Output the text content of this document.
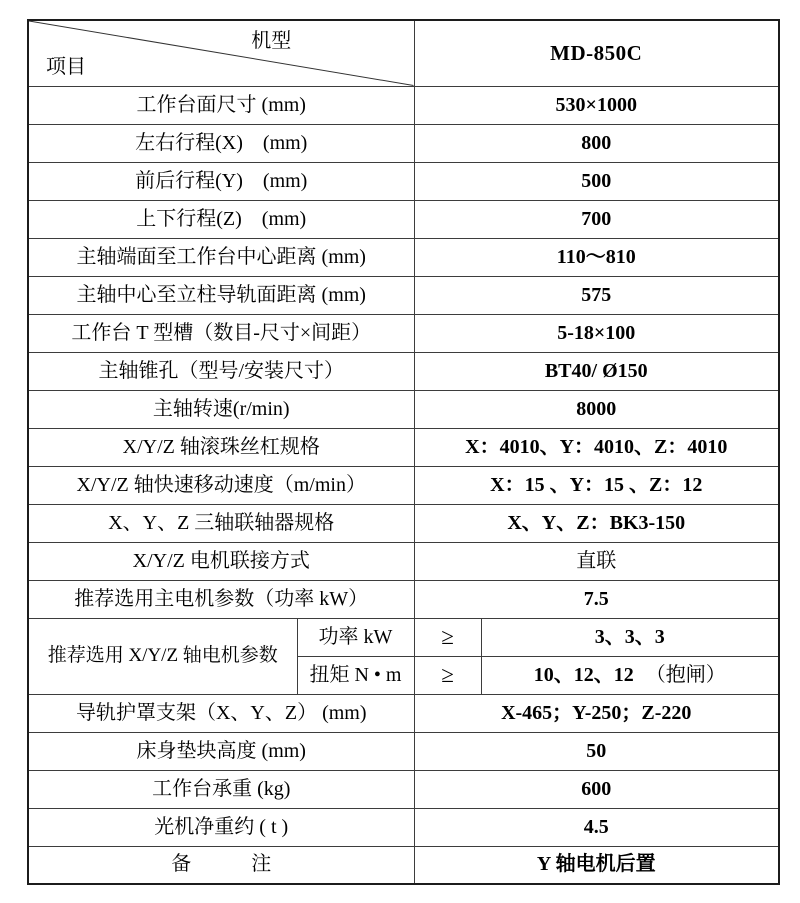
机型
项目		MD-850C	
工作台面尺寸 (mm)		530×1000	
左右行程(X)　(mm)		800	
前后行程(Y)　(mm)		500	
上下行程(Z)　(mm)		700	
主轴端面至工作台中心距离 (mm)		110～810	
主轴中心至立柱导轨面距离 (mm)		575	
工作台 T 型槽（数目-尺寸×间距）		5-18×100	
主轴锥孔（型号/安装尺寸）		BT40/ Ø150	
主轴转速(r/min)		8000	
X/Y/Z 轴滚珠丝杠规格		X：4010、Y：4010、Z：4010	
X/Y/Z 轴快速移动速度（m/min）		X：15 、Y：15 、Z：12	
X、Y、Z 三轴联轴器规格		X、Y、Z：BK3-150	
X/Y/Z 电机联接方式		直联	
推荐选用主电机参数（功率 kW）		7.5	
推荐选用 X/Y/Z 轴电机参数	功率 kW	≥	3、3、3
	扭矩 N • m	≥	10、12、12 （抱闸）
导轨护罩支架（X、Y、Z） (mm)		X-465；Y-250；Z-220	
床身垫块高度 (mm)		50	
工作台承重 (kg)		600	
光机净重约 ( t )		4.5	
备　　　注		Y 轴电机后置	
